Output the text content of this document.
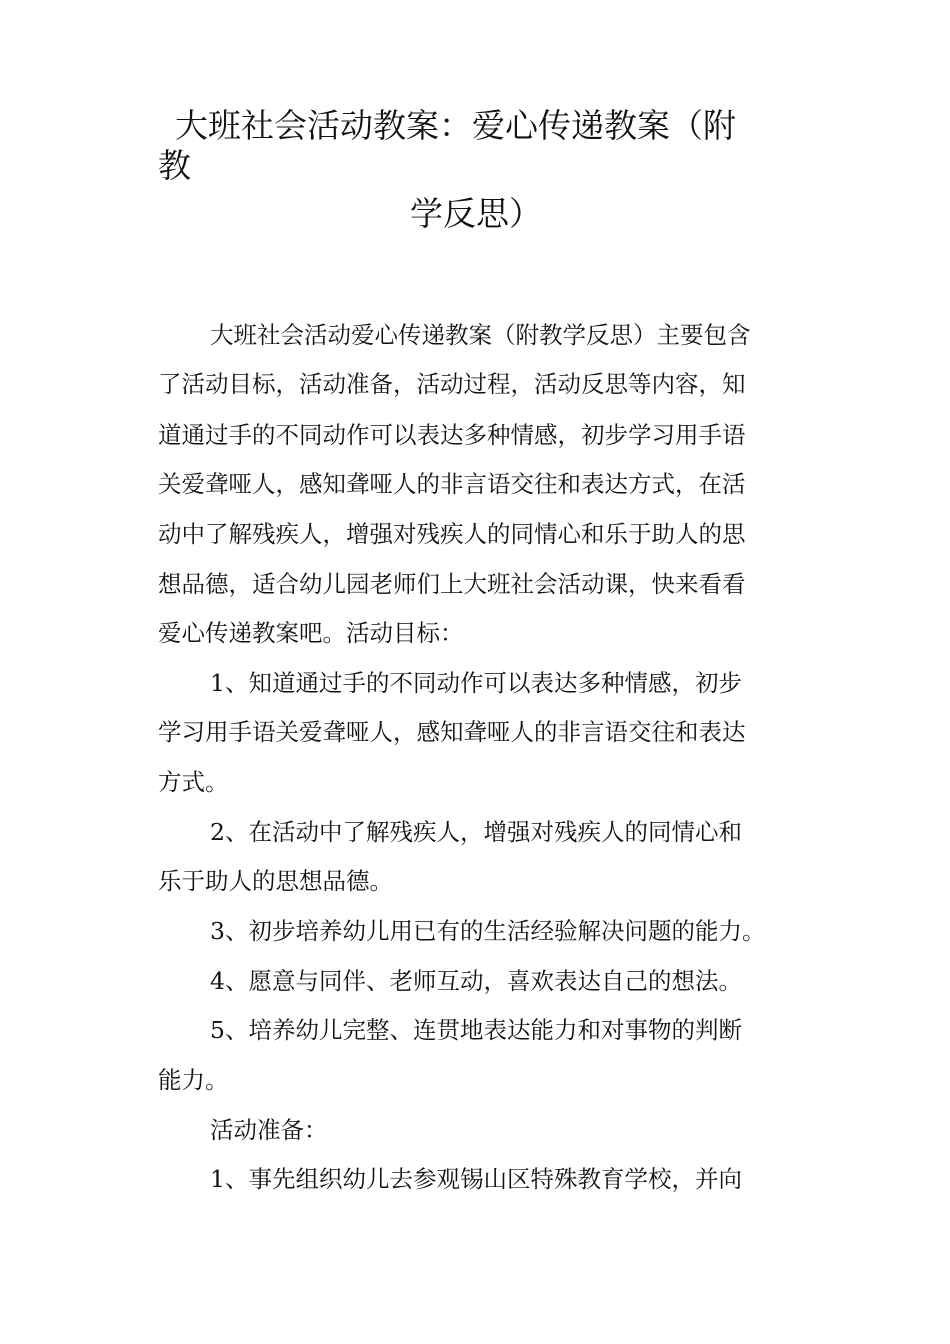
大班社会活动教案：爱心传递教案（附
教
学反思）
大班社会活动爱心传递教案（附教学反思）主要包含
了活动目标，活动准备，活动过程，活动反思等内容，知
道通过手的不同动作可以表达多种情感，初步学习用手语
关爱聋哑人，感知聋哑人的非言语交往和表达方式，在活
动中了解残疾人，增强对残疾人的同情心和乐于助人的思
想品德，适合幼儿园老师们上大班社会活动课，快来看看
爱心传递教案吧。活动目标：
1、知道通过手的不同动作可以表达多种情感，初步
学习用手语关爱聋哑人，感知聋哑人的非言语交往和表达
方式。
2、在活动中了解残疾人，增强对残疾人的同情心和
乐于助人的思想品德。
3、初步培养幼儿用已有的生活经验解决问题的能力。
4、愿意与同伴、老师互动，喜欢表达自己的想法。
5、培养幼儿完整、连贯地表达能力和对事物的判断
能力。
活动准备：
1、事先组织幼儿去参观锡山区特殊教育学校，并向
